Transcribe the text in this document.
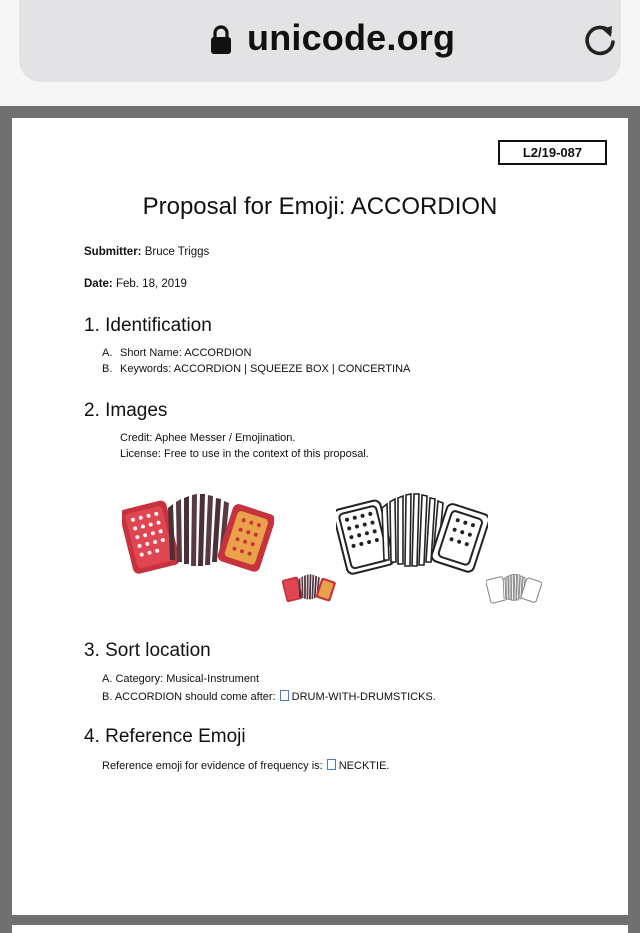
unicode.org
L2/19-087
Proposal for Emoji: ACCORDION
Submitter: Bruce Triggs
Date: Feb. 18, 2019
1. Identification
A. Short Name: ACCORDION
B. Keywords: ACCORDION | SQUEEZE BOX | CONCERTINA
2. Images
Credit: Aphee Messer / Emojination.
License: Free to use in the context of this proposal.
3. Sort location
A. Category: Musical-Instrument
B. ACCORDION should come after: DRUM-WITH-DRUMSTICKS.
4. Reference Emoji
Reference emoji for evidence of frequency is: NECKTIE.
